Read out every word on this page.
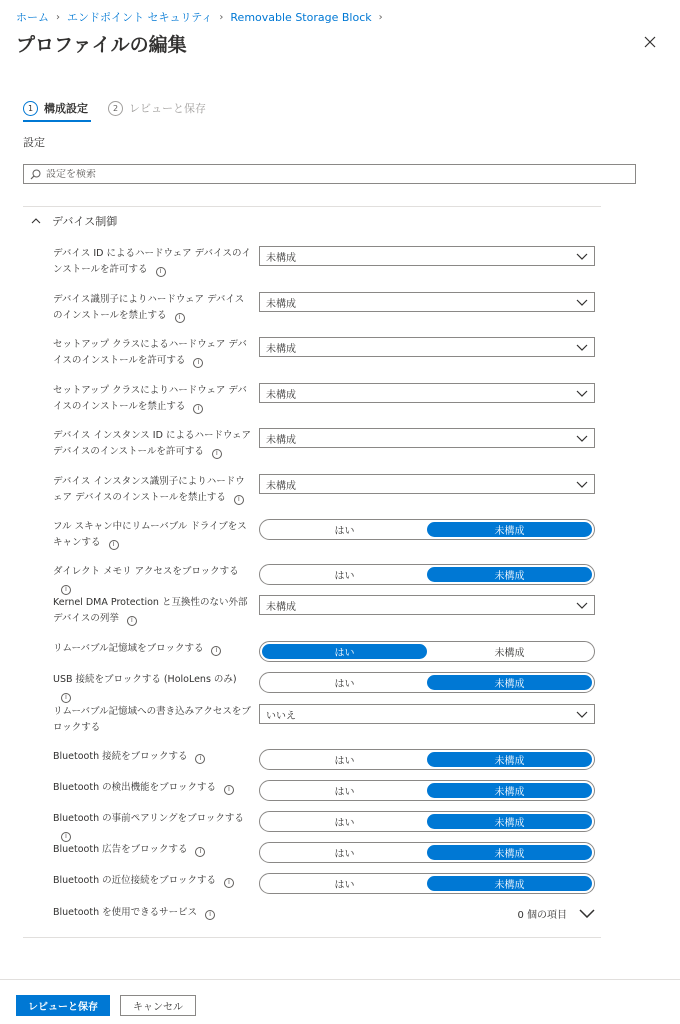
ホーム › エンドポイント セキュリティ › Removable Storage Block ›
プロファイルの編集
1 構成設定	2 レビューと保存
設定
設定を検索
デバイス制御
デバイス ID によるハードウェア デバイスのインストールを許可する i
未構成
デバイス識別子によりハードウェア デバイスのインストールを禁止する i
未構成
セットアップ クラスによるハードウェア デバイスのインストールを許可する i
未構成
セットアップ クラスによりハードウェア デバイスのインストールを禁止する i
未構成
デバイス インスタンス ID によるハードウェア デバイスのインストールを許可する i
未構成
デバイス インスタンス識別子によりハードウェア デバイスのインストールを禁止する i
未構成
フル スキャン中にリムーバブル ドライブをスキャンする i
はい	未構成
ダイレクト メモリ アクセスをブロックするi
はい	未構成
Kernel DMA Protection と互換性のない外部デバイスの列挙 i
未構成
リムーバブル記憶域をブロックする i	はい	未構成
USB 接続をブロックする (HoloLens のみ)i
はい	未構成
リムーバブル記憶域への書き込みアクセスをブロックする
いいえ
Bluetooth 接続をブロックする i	はい	未構成
Bluetooth の検出機能をブロックする i	はい	未構成
Bluetooth の事前ペアリングをブロックするi
はい	未構成
Bluetooth 広告をブロックする i	はい	未構成
Bluetooth の近位接続をブロックする i	はい	未構成
Bluetooth を使用できるサービス i	0 個の項目
レビューと保存	キャンセル
